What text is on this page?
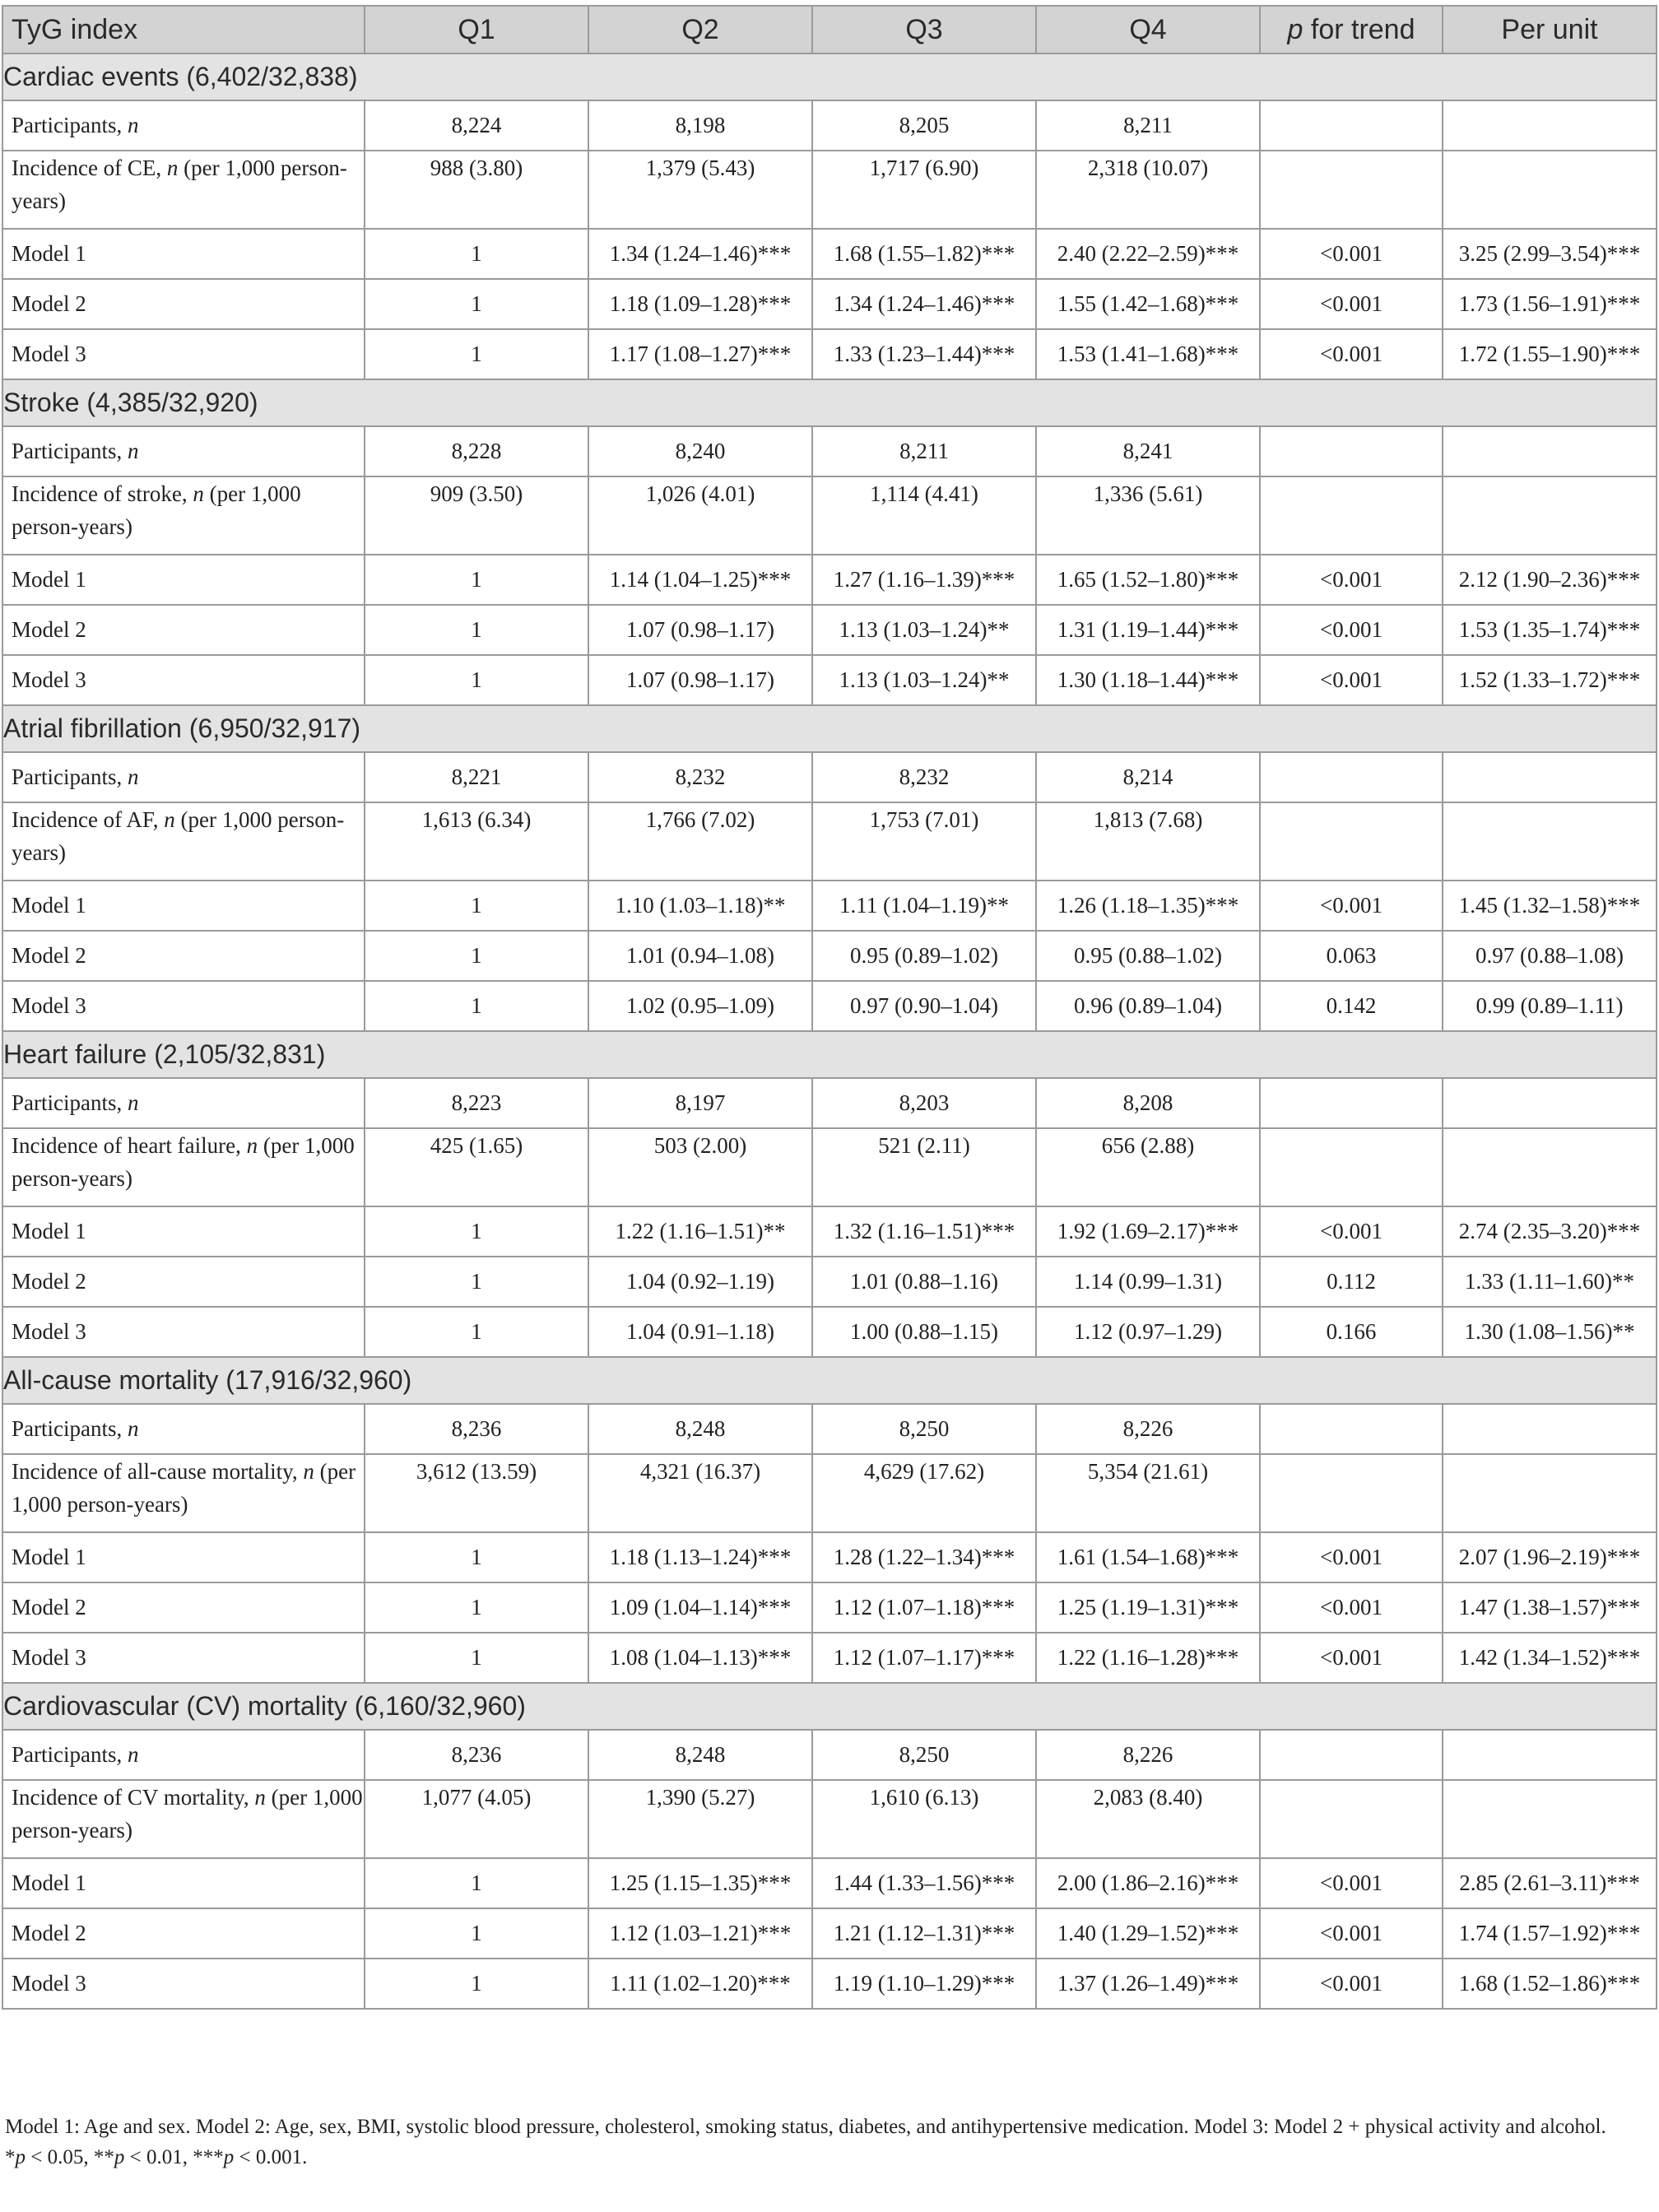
TyG index	Q1	Q2	Q3	Q4	p for trend	Per unit
Cardiac events (6,402/32,838)						
Participants, n	8,224	8,198	8,205	8,211		
Incidence of CE, n (per 1,000 person-years)	988 (3.80)	1,379 (5.43)	1,717 (6.90)	2,318 (10.07)		
Model 1	1	1.34 (1.24–1.46)***	1.68 (1.55–1.82)***	2.40 (2.22–2.59)***	<0.001	3.25 (2.99–3.54)***
Model 2	1	1.18 (1.09–1.28)***	1.34 (1.24–1.46)***	1.55 (1.42–1.68)***	<0.001	1.73 (1.56–1.91)***
Model 3	1	1.17 (1.08–1.27)***	1.33 (1.23–1.44)***	1.53 (1.41–1.68)***	<0.001	1.72 (1.55–1.90)***
Stroke (4,385/32,920)						
Participants, n	8,228	8,240	8,211	8,241		
Incidence of stroke, n (per 1,000 person-years)	909 (3.50)	1,026 (4.01)	1,114 (4.41)	1,336 (5.61)		
Model 1	1	1.14 (1.04–1.25)***	1.27 (1.16–1.39)***	1.65 (1.52–1.80)***	<0.001	2.12 (1.90–2.36)***
Model 2	1	1.07 (0.98–1.17)	1.13 (1.03–1.24)**	1.31 (1.19–1.44)***	<0.001	1.53 (1.35–1.74)***
Model 3	1	1.07 (0.98–1.17)	1.13 (1.03–1.24)**	1.30 (1.18–1.44)***	<0.001	1.52 (1.33–1.72)***
Atrial fibrillation (6,950/32,917)						
Participants, n	8,221	8,232	8,232	8,214		
Incidence of AF, n (per 1,000 person-years)	1,613 (6.34)	1,766 (7.02)	1,753 (7.01)	1,813 (7.68)		
Model 1	1	1.10 (1.03–1.18)**	1.11 (1.04–1.19)**	1.26 (1.18–1.35)***	<0.001	1.45 (1.32–1.58)***
Model 2	1	1.01 (0.94–1.08)	0.95 (0.89–1.02)	0.95 (0.88–1.02)	0.063	0.97 (0.88–1.08)
Model 3	1	1.02 (0.95–1.09)	0.97 (0.90–1.04)	0.96 (0.89–1.04)	0.142	0.99 (0.89–1.11)
Heart failure (2,105/32,831)						
Participants, n	8,223	8,197	8,203	8,208		
Incidence of heart failure, n (per 1,000 person-years)	425 (1.65)	503 (2.00)	521 (2.11)	656 (2.88)		
Model 1	1	1.22 (1.16–1.51)**	1.32 (1.16–1.51)***	1.92 (1.69–2.17)***	<0.001	2.74 (2.35–3.20)***
Model 2	1	1.04 (0.92–1.19)	1.01 (0.88–1.16)	1.14 (0.99–1.31)	0.112	1.33 (1.11–1.60)**
Model 3	1	1.04 (0.91–1.18)	1.00 (0.88–1.15)	1.12 (0.97–1.29)	0.166	1.30 (1.08–1.56)**
All-cause mortality (17,916/32,960)						
Participants, n	8,236	8,248	8,250	8,226		
Incidence of all-cause mortality, n (per 1,000 person-years)	3,612 (13.59)	4,321 (16.37)	4,629 (17.62)	5,354 (21.61)		
Model 1	1	1.18 (1.13–1.24)***	1.28 (1.22–1.34)***	1.61 (1.54–1.68)***	<0.001	2.07 (1.96–2.19)***
Model 2	1	1.09 (1.04–1.14)***	1.12 (1.07–1.18)***	1.25 (1.19–1.31)***	<0.001	1.47 (1.38–1.57)***
Model 3	1	1.08 (1.04–1.13)***	1.12 (1.07–1.17)***	1.22 (1.16–1.28)***	<0.001	1.42 (1.34–1.52)***
Cardiovascular (CV) mortality (6,160/32,960)						
Participants, n	8,236	8,248	8,250	8,226		
Incidence of CV mortality, n (per 1,000 person-years)	1,077 (4.05)	1,390 (5.27)	1,610 (6.13)	2,083 (8.40)		
Model 1	1	1.25 (1.15–1.35)***	1.44 (1.33–1.56)***	2.00 (1.86–2.16)***	<0.001	2.85 (2.61–3.11)***
Model 2	1	1.12 (1.03–1.21)***	1.21 (1.12–1.31)***	1.40 (1.29–1.52)***	<0.001	1.74 (1.57–1.92)***
Model 3	1	1.11 (1.02–1.20)***	1.19 (1.10–1.29)***	1.37 (1.26–1.49)***	<0.001	1.68 (1.52–1.86)***

Model 1: Age and sex. Model 2: Age, sex, BMI, systolic blood pressure, cholesterol, smoking status, diabetes, and antihypertensive medication. Model 3: Model 2 + physical activity and alcohol.

*p < 0.05, **p < 0.01, ***p < 0.001.
